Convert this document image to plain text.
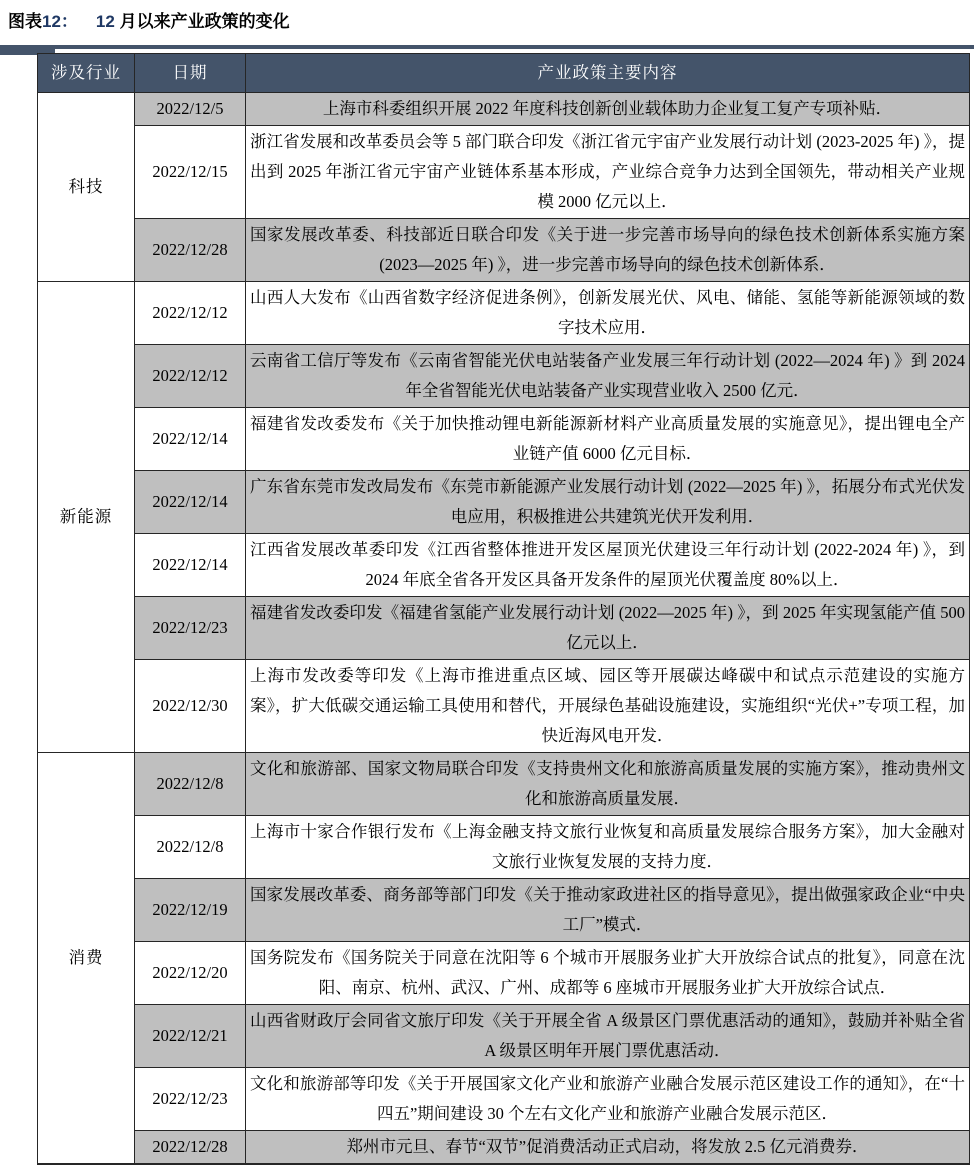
图表12： 12 月以来产业政策的变化
涉及行业	日期	产业政策主要内容
科技	2022/12/5	上海市科委组织开展 2022 年度科技创新创业载体助力企业复工复产专项补贴．
	2022/12/15	浙江省发展和改革委员会等 5 部门联合印发《浙江省元宇宙产业发展行动计划 (2023-2025 年) 》，提出到 2025 年浙江省元宇宙产业链体系基本形成，产业综合竞争力达到全国领先，带动相关产业规模 2000 亿元以上．
	2022/12/28	国家发展改革委、科技部近日联合印发《关于进一步完善市场导向的绿色技术创新体系实施方案 (2023—2025 年) 》，进一步完善市场导向的绿色技术创新体系．
新能源	2022/12/12	山西人大发布《山西省数字经济促进条例》，创新发展光伏、风电、储能、氢能等新能源领域的数字技术应用．
	2022/12/12	云南省工信厅等发布《云南省智能光伏电站装备产业发展三年行动计划 (2022—2024 年) 》到 2024 年全省智能光伏电站装备产业实现营业收入 2500 亿元．
	2022/12/14	福建省发改委发布《关于加快推动锂电新能源新材料产业高质量发展的实施意见》，提出锂电全产业链产值 6000 亿元目标．
	2022/12/14	广东省东莞市发改局发布《东莞市新能源产业发展行动计划 (2022—2025 年) 》，拓展分布式光伏发电应用，积极推进公共建筑光伏开发利用．
	2022/12/14	江西省发展改革委印发《江西省整体推进开发区屋顶光伏建设三年行动计划 (2022-2024 年) 》，到 2024 年底全省各开发区具备开发条件的屋顶光伏覆盖度 80%以上．
	2022/12/23	福建省发改委印发《福建省氢能产业发展行动计划 (2022—2025 年) 》，到 2025 年实现氢能产值 500 亿元以上．
	2022/12/30	上海市发改委等印发《上海市推进重点区域、园区等开展碳达峰碳中和试点示范建设的实施方案》，扩大低碳交通运输工具使用和替代，开展绿色基础设施建设，实施组织“光伏+”专项工程，加快近海风电开发．
消费	2022/12/8	文化和旅游部、国家文物局联合印发《支持贵州文化和旅游高质量发展的实施方案》，推动贵州文化和旅游高质量发展．
	2022/12/8	上海市十家合作银行发布《上海金融支持文旅行业恢复和高质量发展综合服务方案》，加大金融对文旅行业恢复发展的支持力度．
	2022/12/19	国家发展改革委、商务部等部门印发《关于推动家政进社区的指导意见》，提出做强家政企业“中央工厂”模式．
	2022/12/20	国务院发布《国务院关于同意在沈阳等 6 个城市开展服务业扩大开放综合试点的批复》，同意在沈阳、南京、杭州、武汉、广州、成都等 6 座城市开展服务业扩大开放综合试点．
	2022/12/21	山西省财政厅会同省文旅厅印发《关于开展全省 A 级景区门票优惠活动的通知》，鼓励并补贴全省 A 级景区明年开展门票优惠活动．
	2022/12/23	文化和旅游部等印发《关于开展国家文化产业和旅游产业融合发展示范区建设工作的通知》，在“十四五”期间建设 30 个左右文化产业和旅游产业融合发展示范区．
	2022/12/28	郑州市元旦、春节“双节”促消费活动正式启动，将发放 2.5 亿元消费券．
